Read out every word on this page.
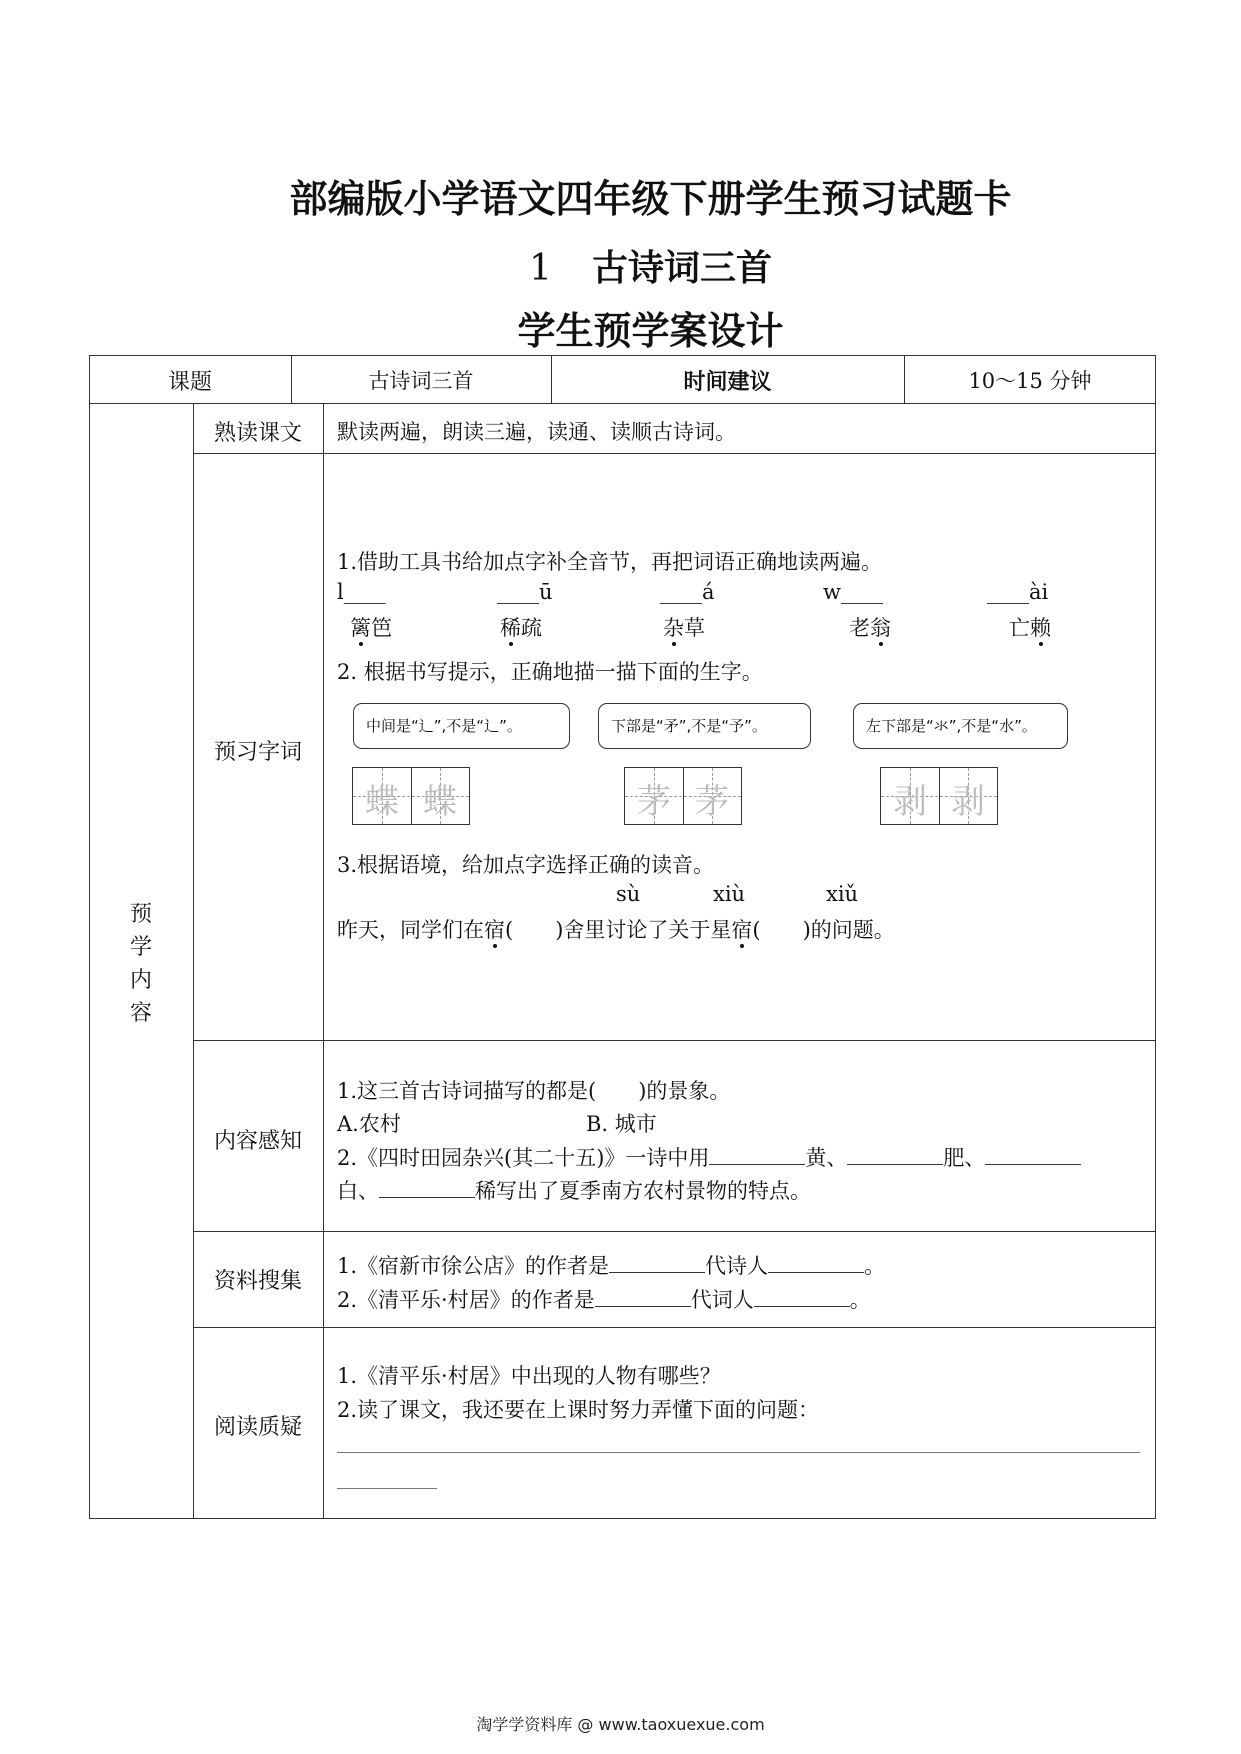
部编版小学语文四年级下册学生预习试题卡
1 古诗词三首
学生预学案设计
课题	古诗词三首	时间建议	10～15 分钟
预
学
内
容
熟读课文	默读两遍，朗读三遍，读通、读顺古诗词。
预习字词
1.借助工具书给加点字补全音节，再把词语正确地读两遍。
l____	____ū	____á	w____	____ài
篱笆	稀疏	杂草	老翁	亡赖
2. 根据书写提示，正确地描一描下面的生字。
中间是“辶”,不是“辶”。	下部是“矛”,不是“予”。	左下部是“氺”,不是“水”。
蝶 蝶	茅 茅	剥 剥
3.根据语境，给加点字选择正确的读音。
sù	xiù	xiǔ
昨天，同学们在宿(　　)舍里讨论了关于星宿(　　)的问题。
内容感知
1.这三首古诗词描写的都是(　　)的景象。
A.农村	B. 城市
2.《四时田园杂兴(其二十五)》一诗中用	黄、	肥、
白、	稀写出了夏季南方农村景物的特点。
资料搜集
1.《宿新市徐公店》的作者是	代诗人	。
2.《清平乐·村居》的作者是	代词人	。
阅读质疑
1.《清平乐·村居》中出现的人物有哪些？
2.读了课文，我还要在上课时努力弄懂下面的问题：
淘学学资料库 @ www.taoxuexue.com
